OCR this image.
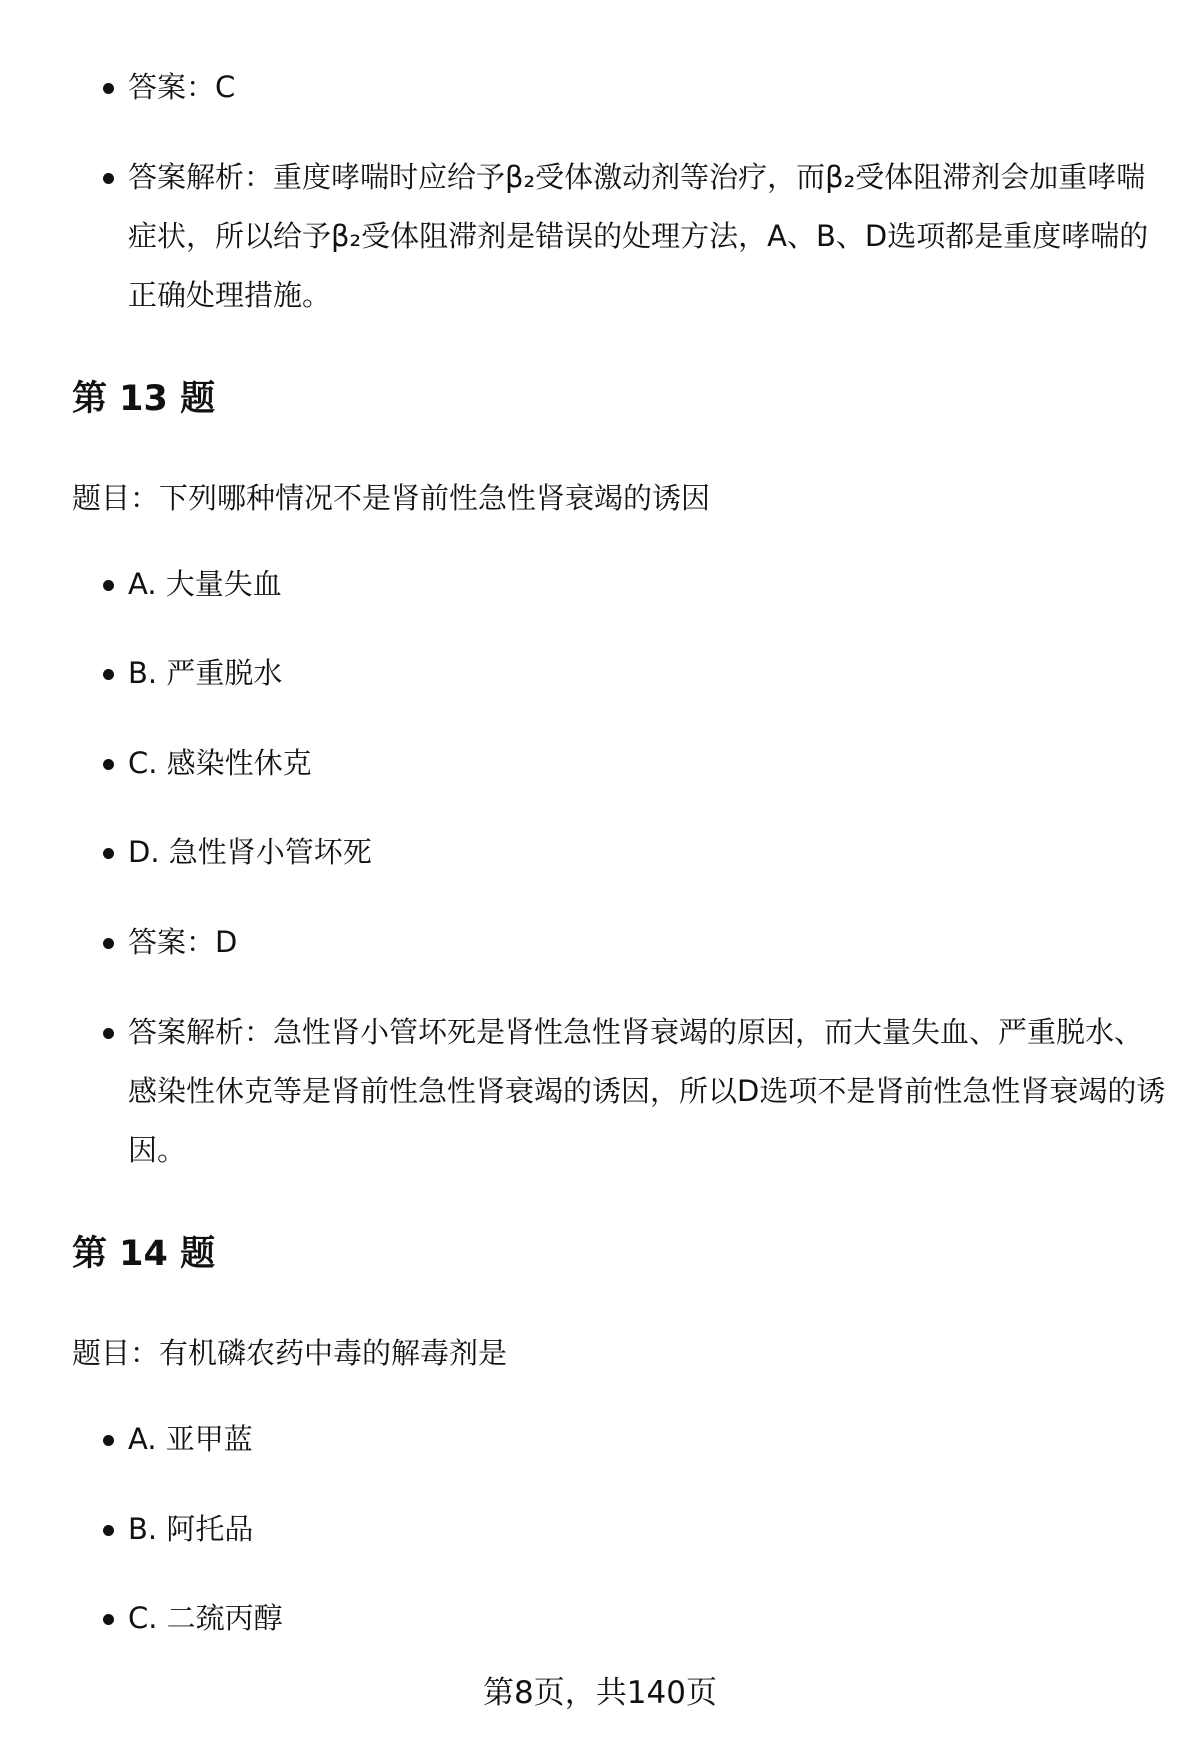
答案：C
答案解析：重度哮喘时应给予β₂受体激动剂等治疗，而β₂受体阻滞剂会加重哮喘症状，所以给予β₂受体阻滞剂是错误的处理方法，A、B、D选项都是重度哮喘的正确处理措施。
第 13 题
题目：下列哪种情况不是肾前性急性肾衰竭的诱因
A. 大量失血
B. 严重脱水
C. 感染性休克
D. 急性肾小管坏死
答案：D
答案解析：急性肾小管坏死是肾性急性肾衰竭的原因，而大量失血、严重脱水、感染性休克等是肾前性急性肾衰竭的诱因，所以D选项不是肾前性急性肾衰竭的诱因。
第 14 题
题目：有机磷农药中毒的解毒剂是
A. 亚甲蓝
B. 阿托品
C. 二巯丙醇
第8页，共140页
